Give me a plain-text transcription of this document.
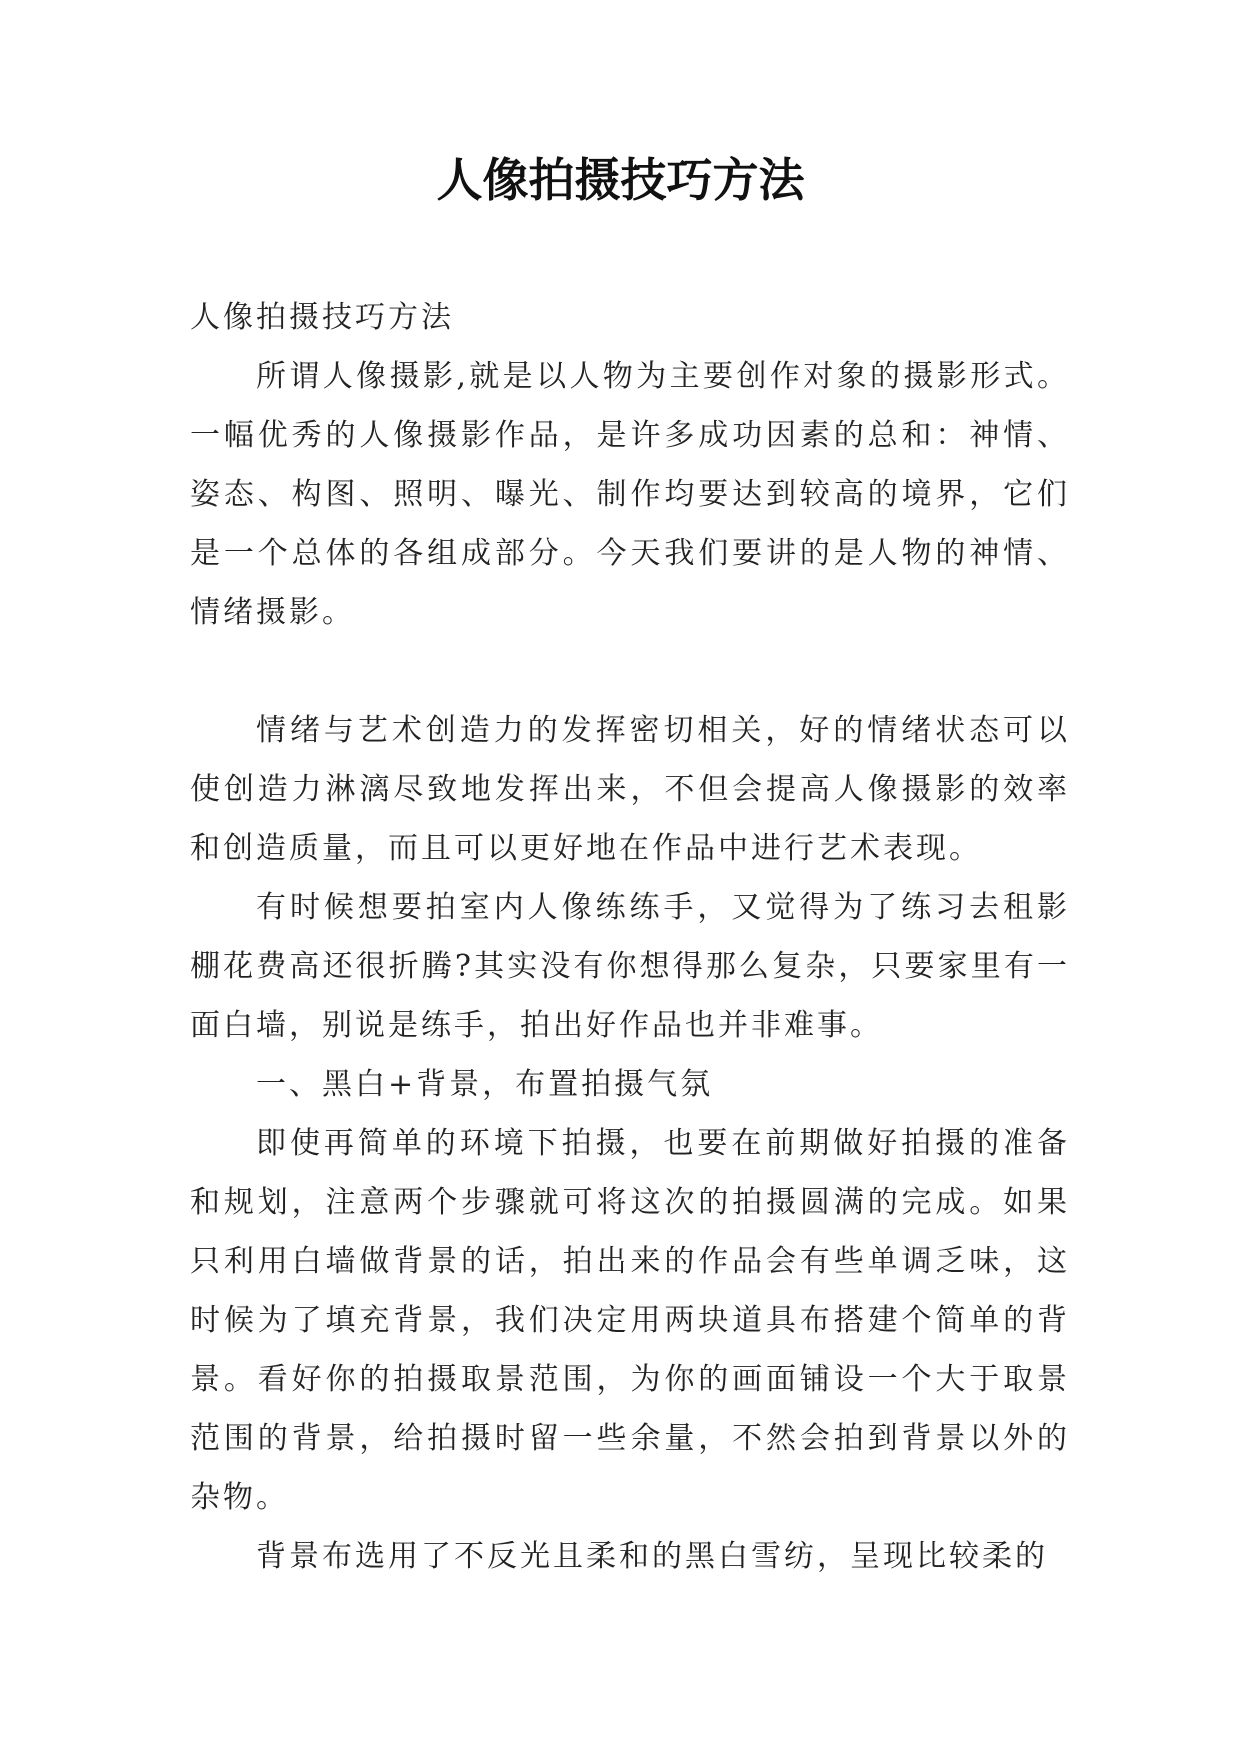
人像拍摄技巧方法

人像拍摄技巧方法

所谓人像摄影,就是以人物为主要创作对象的摄影形式。一幅优秀的人像摄影作品，是许多成功因素的总和：神情、姿态、构图、照明、曝光、制作均要达到较高的境界，它们是一个总体的各组成部分。今天我们要讲的是人物的神情、情绪摄影。

情绪与艺术创造力的发挥密切相关，好的情绪状态可以使创造力淋漓尽致地发挥出来，不但会提高人像摄影的效率和创造质量，而且可以更好地在作品中进行艺术表现。

有时候想要拍室内人像练练手，又觉得为了练习去租影棚花费高还很折腾?其实没有你想得那么复杂，只要家里有一面白墙，别说是练手，拍出好作品也并非难事。

一、黑白+背景，布置拍摄气氛

即使再简单的环境下拍摄，也要在前期做好拍摄的准备和规划，注意两个步骤就可将这次的拍摄圆满的完成。如果只利用白墙做背景的话，拍出来的作品会有些单调乏味，这时候为了填充背景，我们决定用两块道具布搭建个简单的背景。看好你的拍摄取景范围，为你的画面铺设一个大于取景范围的背景，给拍摄时留一些余量，不然会拍到背景以外的杂物。

背景布选用了不反光且柔和的黑白雪纺，呈现比较柔的
